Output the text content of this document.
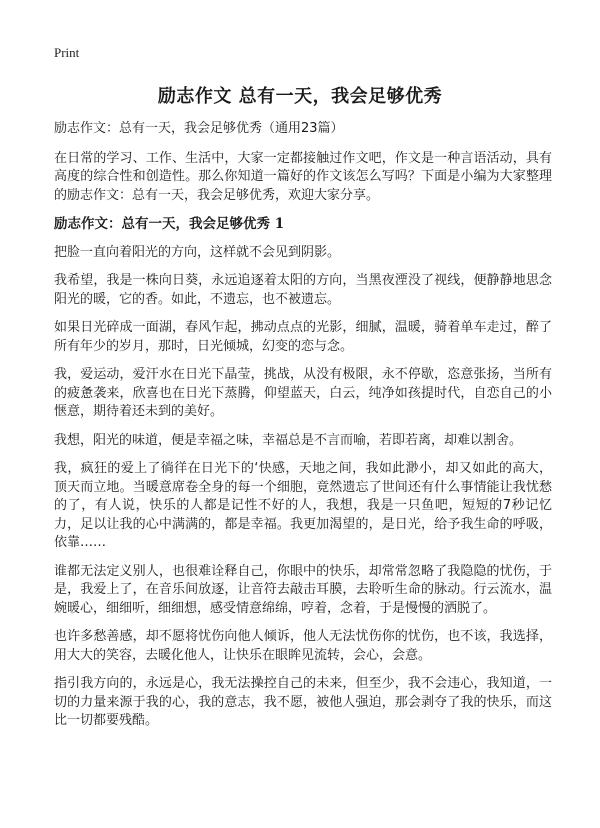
Print
励志作文 总有一天，我会足够优秀

励志作文：总有一天，我会足够优秀（通用23篇）

在日常的学习、工作、生活中，大家一定都接触过作文吧，作文是一种言语活动，具有高度的综合性和创造性。那么你知道一篇好的作文该怎么写吗？下面是小编为大家整理的励志作文：总有一天，我会足够优秀，欢迎大家分享。

励志作文：总有一天，我会足够优秀 1

把脸一直向着阳光的方向，这样就不会见到阴影。

我希望，我是一株向日葵，永远追逐着太阳的方向，当黑夜湮没了视线，便静静地思念阳光的暖，它的香。如此，不遗忘，也不被遗忘。

如果日光碎成一面湖，春风乍起，拂动点点的光影，细腻，温暖，骑着单车走过，醉了所有年少的岁月，那时，日光倾城，幻变的恋与念。

我，爱运动，爱汗水在日光下晶莹，挑战，从没有极限，永不停歇，恣意张扬，当所有的疲惫袭来，欣喜也在日光下蒸腾，仰望蓝天，白云，纯净如孩提时代，自恋自己的小惬意，期待着还未到的美好。

我想，阳光的味道，便是幸福之味，幸福总是不言而喻，若即若离，却难以割舍。

我，疯狂的爱上了徜徉在日光下的‘快感，天地之间，我如此渺小，却又如此的高大，顶天而立地。当暖意席卷全身的每一个细胞，竟然遗忘了世间还有什么事情能让我忧愁的了，有人说，快乐的人都是记性不好的人，我想，我是一只鱼吧，短短的7秒记忆力，足以让我的心中满满的，都是幸福。我更加渴望的，是日光，给予我生命的呼吸，依靠……

谁都无法定义别人，也很难诠释自己，你眼中的快乐，却常常忽略了我隐隐的忧伤，于是，我爱上了，在音乐间放逐，让音符去敲击耳膜，去聆听生命的脉动。行云流水，温婉暖心，细细听，细细想，感受情意绵绵，哼着，念着，于是慢慢的洒脱了。

也许多愁善感，却不愿将忧伤向他人倾诉，他人无法忧伤你的忧伤，也不该，我选择，用大大的笑容，去暖化他人，让快乐在眼眸见流转，会心，会意。

指引我方向的，永远是心，我无法操控自己的未来，但至少，我不会违心，我知道，一切的力量来源于我的心，我的意志，我不愿，被他人强迫，那会剥夺了我的快乐，而这比一切都要残酷。
